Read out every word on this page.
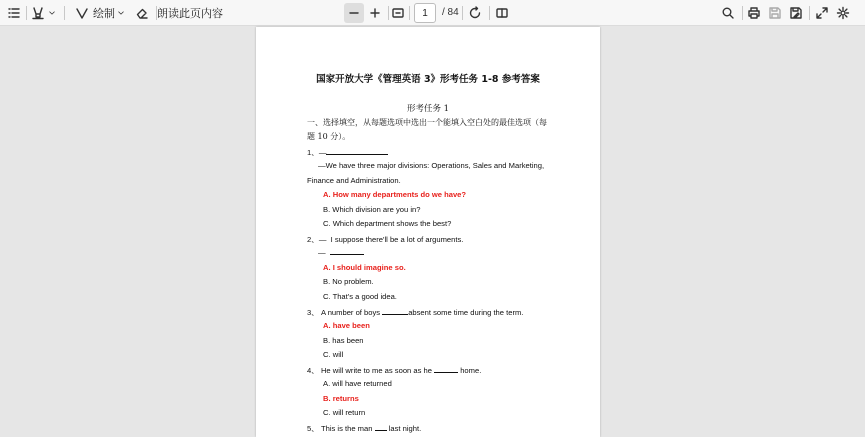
绘制	朗读此页内容
1	/ 84
国家开放大学《管理英语 3》形考任务 1-8 参考答案
形考任务 1
一、选择填空，从每题选项中选出一个能填入空白处的最佳选项（每
题 10 分）。
1、—
—We have three major divisions: Operations, Sales and Marketing,
Finance and Administration.
A. How many departments do we have?
B. Which division are you in?
C. Which department shows the best?
2、— I suppose there'll be a lot of arguments.
—
A. I should imagine so.
B. No problem.
C. That's a good idea.
3、 A number of boys	absent some time during the term.
A. have been
B. has been
C. will
4、 He will write to me as soon as he	home.
A. will have returned
B. returns
C. will return
5、 This is the man last night.
